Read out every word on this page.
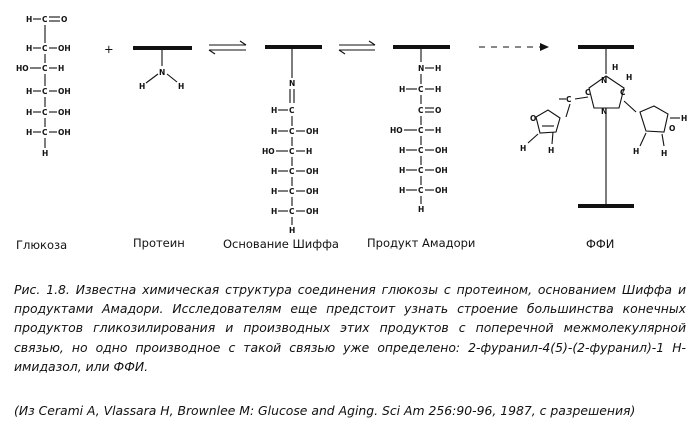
H C O
H C OH
HO C H
H C OH
H C OH
H C OH
H
+
N
H	H	N
H C
H C OH
HO C H
H C OH
H C OH
H C OH
H
N H
H C H
C O
HO C H
H C OH
H C OH
H C OH
H
N
N
C	C
H
H
C
O
H
H
O
H
H	H
Глюкоза	Протеин	Основание Шиффа Продукт Амадори	ФФИ

Рис. 1.8. Известна химическая структура соединения глюкозы с протеином, основанием Шиффа и продуктами Амадори. Исследователям еще предстоит узнать строение большинства конечных продуктов гликозилирования и производных этих продуктов с поперечной межмолекулярной связью, но одно производное с такой связью уже определено: 2-фуранил-4(5)-(2-фуранил)-1 Н-имидазол, или ФФИ.

(Из Cerami A, Vlassara H, Brownlee M: Glucose and Aging. Sci Am 256:90-96, 1987, с разрешения)
